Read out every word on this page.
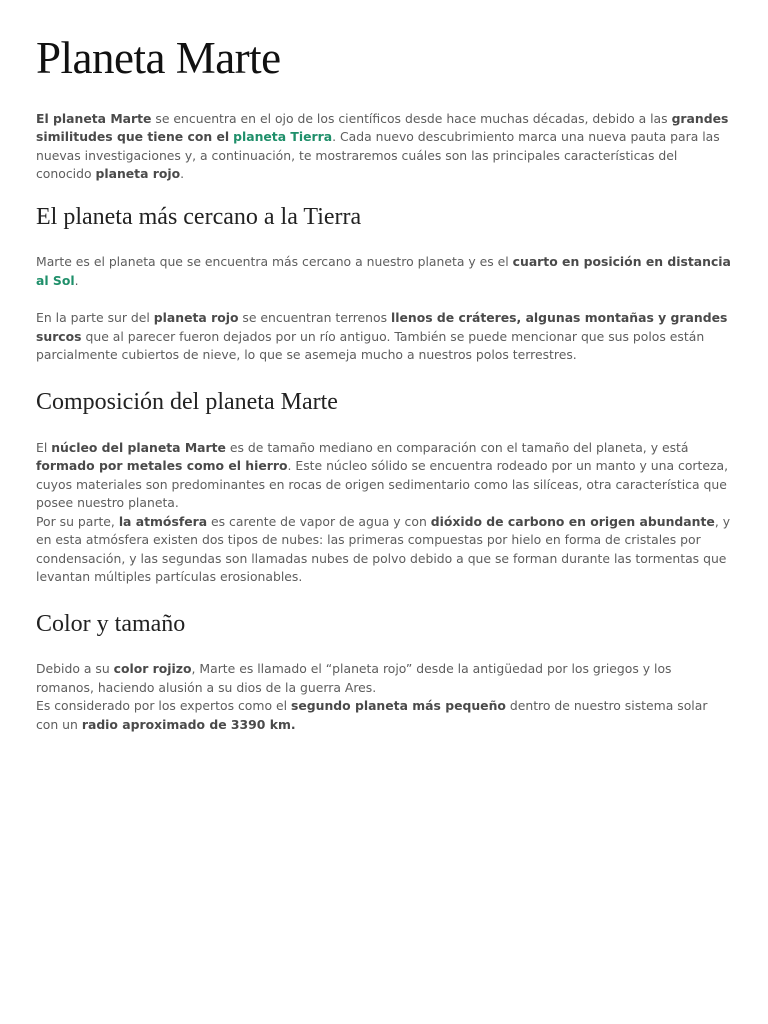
Planeta Marte

El planeta Marte se encuentra en el ojo de los científicos desde hace muchas décadas, debido a las grandes similitudes que tiene con el planeta Tierra. Cada nuevo descubrimiento marca una nueva pauta para las nuevas investigaciones y, a continuación, te mostraremos cuáles son las principales características del conocido planeta rojo.

El planeta más cercano a la Tierra

Marte es el planeta que se encuentra más cercano a nuestro planeta y es el cuarto en posición en distancia al Sol.

En la parte sur del planeta rojo se encuentran terrenos llenos de cráteres, algunas montañas y grandes surcos que al parecer fueron dejados por un río antiguo. También se puede mencionar que sus polos están parcialmente cubiertos de nieve, lo que se asemeja mucho a nuestros polos terrestres.

Composición del planeta Marte

El núcleo del planeta Marte es de tamaño mediano en comparación con el tamaño del planeta, y está formado por metales como el hierro. Este núcleo sólido se encuentra rodeado por un manto y una corteza, cuyos materiales son predominantes en rocas de origen sedimentario como las silíceas, otra característica que posee nuestro planeta.

Por su parte, la atmósfera es carente de vapor de agua y con dióxido de carbono en origen abundante, y en esta atmósfera existen dos tipos de nubes: las primeras compuestas por hielo en forma de cristales por condensación, y las segundas son llamadas nubes de polvo debido a que se forman durante las tormentas que levantan múltiples partículas erosionables.

Color y tamaño

Debido a su color rojizo, Marte es llamado el “planeta rojo” desde la antigüedad por los griegos y los romanos, haciendo alusión a su dios de la guerra Ares.

Es considerado por los expertos como el segundo planeta más pequeño dentro de nuestro sistema solar con un radio aproximado de 3390 km.
